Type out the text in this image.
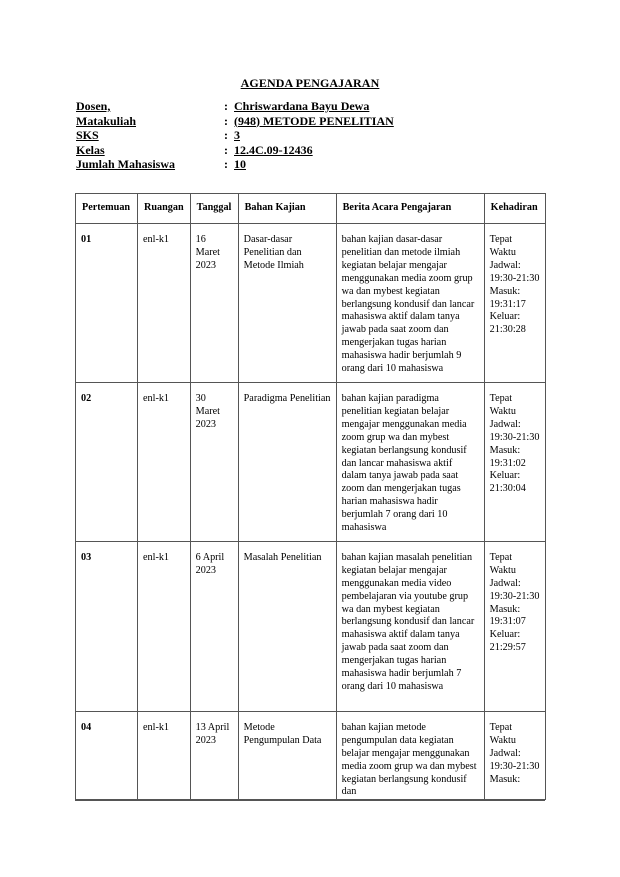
AGENDA PENGAJARAN
Dosen,	: Chriswardana Bayu Dewa
Matakuliah	: (948) METODE PENELITIAN
SKS	: 3
Kelas	: 12.4C.09-12436
Jumlah Mahasiswa	: 10
Pertemuan	Ruangan	Tanggal	Bahan Kajian	Berita Acara Pengajaran	Kehadiran
01	enl-k1	16 Maret 2023	Dasar-dasar Penelitian dan Metode Ilmiah	bahan kajian dasar-dasar penelitian dan metode ilmiah kegiatan belajar mengajar menggunakan media zoom grup wa dan mybest kegiatan berlangsung kondusif dan lancar mahasiswa aktif dalam tanya jawab pada saat zoom dan mengerjakan tugas harian mahasiswa hadir berjumlah 9 orang dari 10 mahasiswa	Tepat Waktu Jadwal: 19:30-21:30 Masuk: 19:31:17 Keluar: 21:30:28
02	enl-k1	30 Maret 2023	Paradigma Penelitian	bahan kajian paradigma penelitian kegiatan belajar mengajar menggunakan media zoom grup wa dan mybest kegiatan berlangsung kondusif dan lancar mahasiswa aktif dalam tanya jawab pada saat zoom dan mengerjakan tugas harian mahasiswa hadir berjumlah 7 orang dari 10 mahasiswa	Tepat Waktu Jadwal: 19:30-21:30 Masuk: 19:31:02 Keluar: 21:30:04
03	enl-k1	6 April 2023	Masalah Penelitian	bahan kajian masalah penelitian kegiatan belajar mengajar menggunakan media video pembelajaran via youtube grup wa dan mybest kegiatan berlangsung kondusif dan lancar mahasiswa aktif dalam tanya jawab pada saat zoom dan mengerjakan tugas harian mahasiswa hadir berjumlah 7 orang dari 10 mahasiswa	Tepat Waktu Jadwal: 19:30-21:30 Masuk: 19:31:07 Keluar: 21:29:57
04	enl-k1	13 April 2023	Metode Pengumpulan Data	bahan kajian metode pengumpulan data kegiatan belajar mengajar menggunakan media zoom grup wa dan mybest kegiatan berlangsung kondusif dan	Tepat Waktu Jadwal: 19:30-21:30 Masuk:
